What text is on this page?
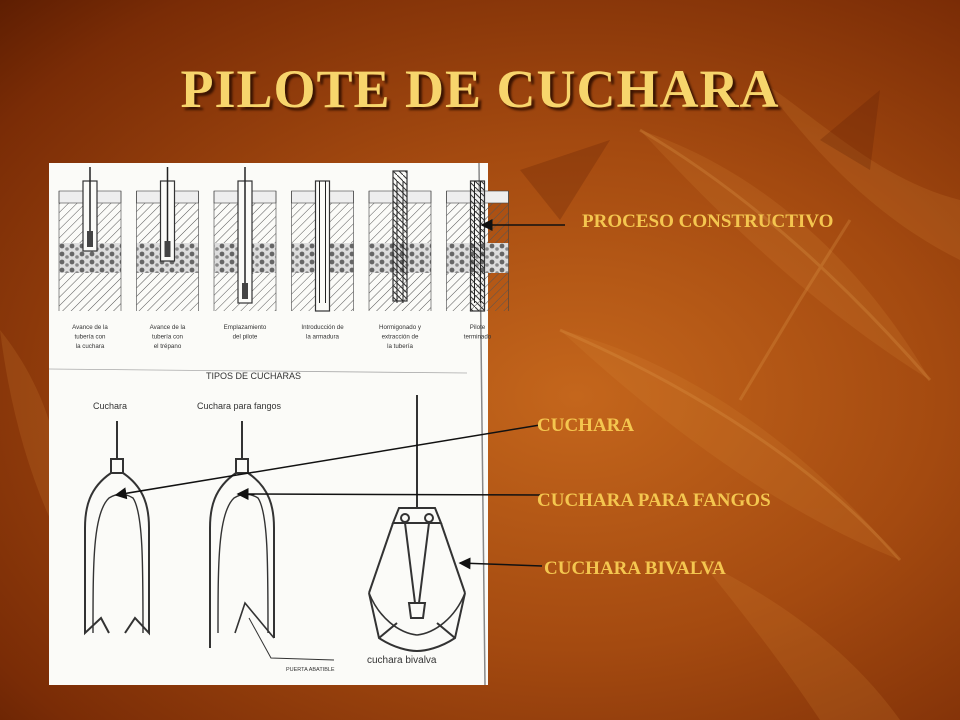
PILOTE DE CUCHARA
Avance de la
tubería con
la cuchara
Avance de la
tubería con
el trépano
Emplazamiento
del pilote
Introducción de
la armadura
Hormigonado y
extracción de
la tubería
Pilote
terminado
TIPOS DE CUCHARAS
Cuchara	Cuchara para fangos
PUERTA ABATIBLE
cuchara bivalva
PROCESO CONSTRUCTIVO
CUCHARA
CUCHARA PARA FANGOS
CUCHARA BIVALVA
